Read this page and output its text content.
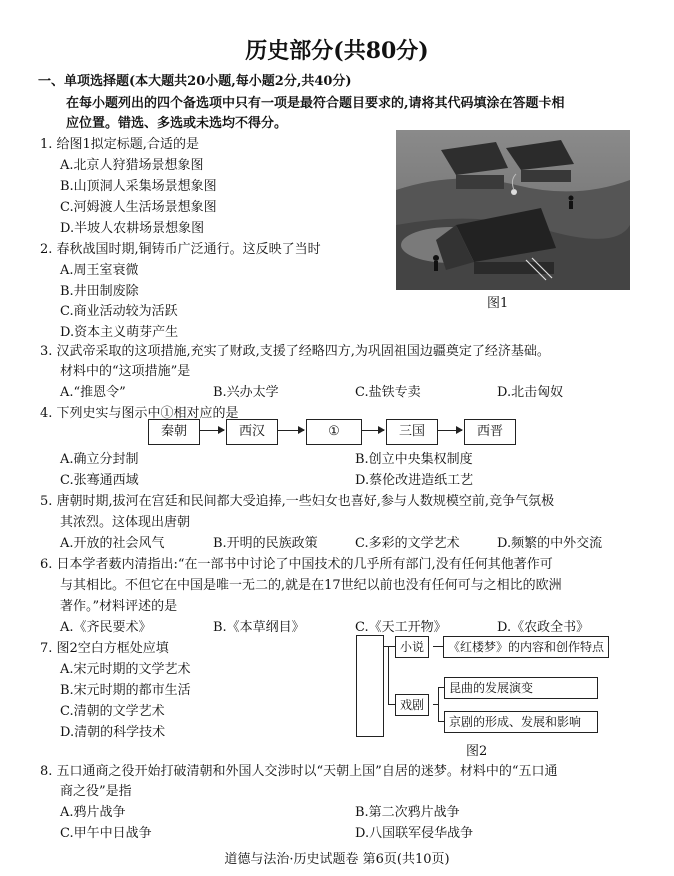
历史部分(共80分)
一、单项选择题(本大题共20小题,每小题2分,共40分)
在每小题列出的四个备选项中只有一项是最符合题目要求的,请将其代码填涂在答题卡相
应位置。错选、多选或未选均不得分。
1. 给图1拟定标题,合适的是
A.北京人狩猎场景想象图
B.山顶洞人采集场景想象图
C.河姆渡人生活场景想象图
D.半坡人农耕场景想象图
图1
2. 春秋战国时期,铜铸币广泛通行。这反映了当时
A.周王室衰微
B.井田制废除
C.商业活动较为活跃
D.资本主义萌芽产生
3. 汉武帝采取的这项措施,充实了财政,支援了经略四方,为巩固祖国边疆奠定了经济基础。
材料中的“这项措施”是
A.“推恩令”	B.兴办太学	C.盐铁专卖	D.北击匈奴
4. 下列史实与图示中①相对应的是
秦朝	西汉	①	三国	西晋
A.确立分封制	B.创立中央集权制度
C.张骞通西域	D.蔡伦改进造纸工艺
5. 唐朝时期,拔河在宫廷和民间都大受追捧,一些妇女也喜好,参与人数规模空前,竞争气氛极
其浓烈。这体现出唐朝
A.开放的社会风气	B.开明的民族政策	C.多彩的文学艺术	D.频繁的中外交流
6. 日本学者薮内清指出:“在一部书中讨论了中国技术的几乎所有部门,没有任何其他著作可
与其相比。不但它在中国是唯一无二的,就是在17世纪以前也没有任何可与之相比的欧洲
著作。”材料评述的是
A.《齐民要术》	B.《本草纲目》	C.《天工开物》	D.《农政全书》
7. 图2空白方框处应填
A.宋元时期的文学艺术
B.宋元时期的都市生活
C.清朝的文学艺术
D.清朝的科学技术
小说	《红楼梦》的内容和创作特点
戏剧
昆曲的发展演变
京剧的形成、发展和影响
图2
8. 五口通商之役开始打破清朝和外国人交涉时以“天朝上国”自居的迷梦。材料中的“五口通
商之役”是指
A.鸦片战争	B.第二次鸦片战争
C.甲午中日战争	D.八国联军侵华战争
道德与法治·历史试题卷 第6页(共10页)
